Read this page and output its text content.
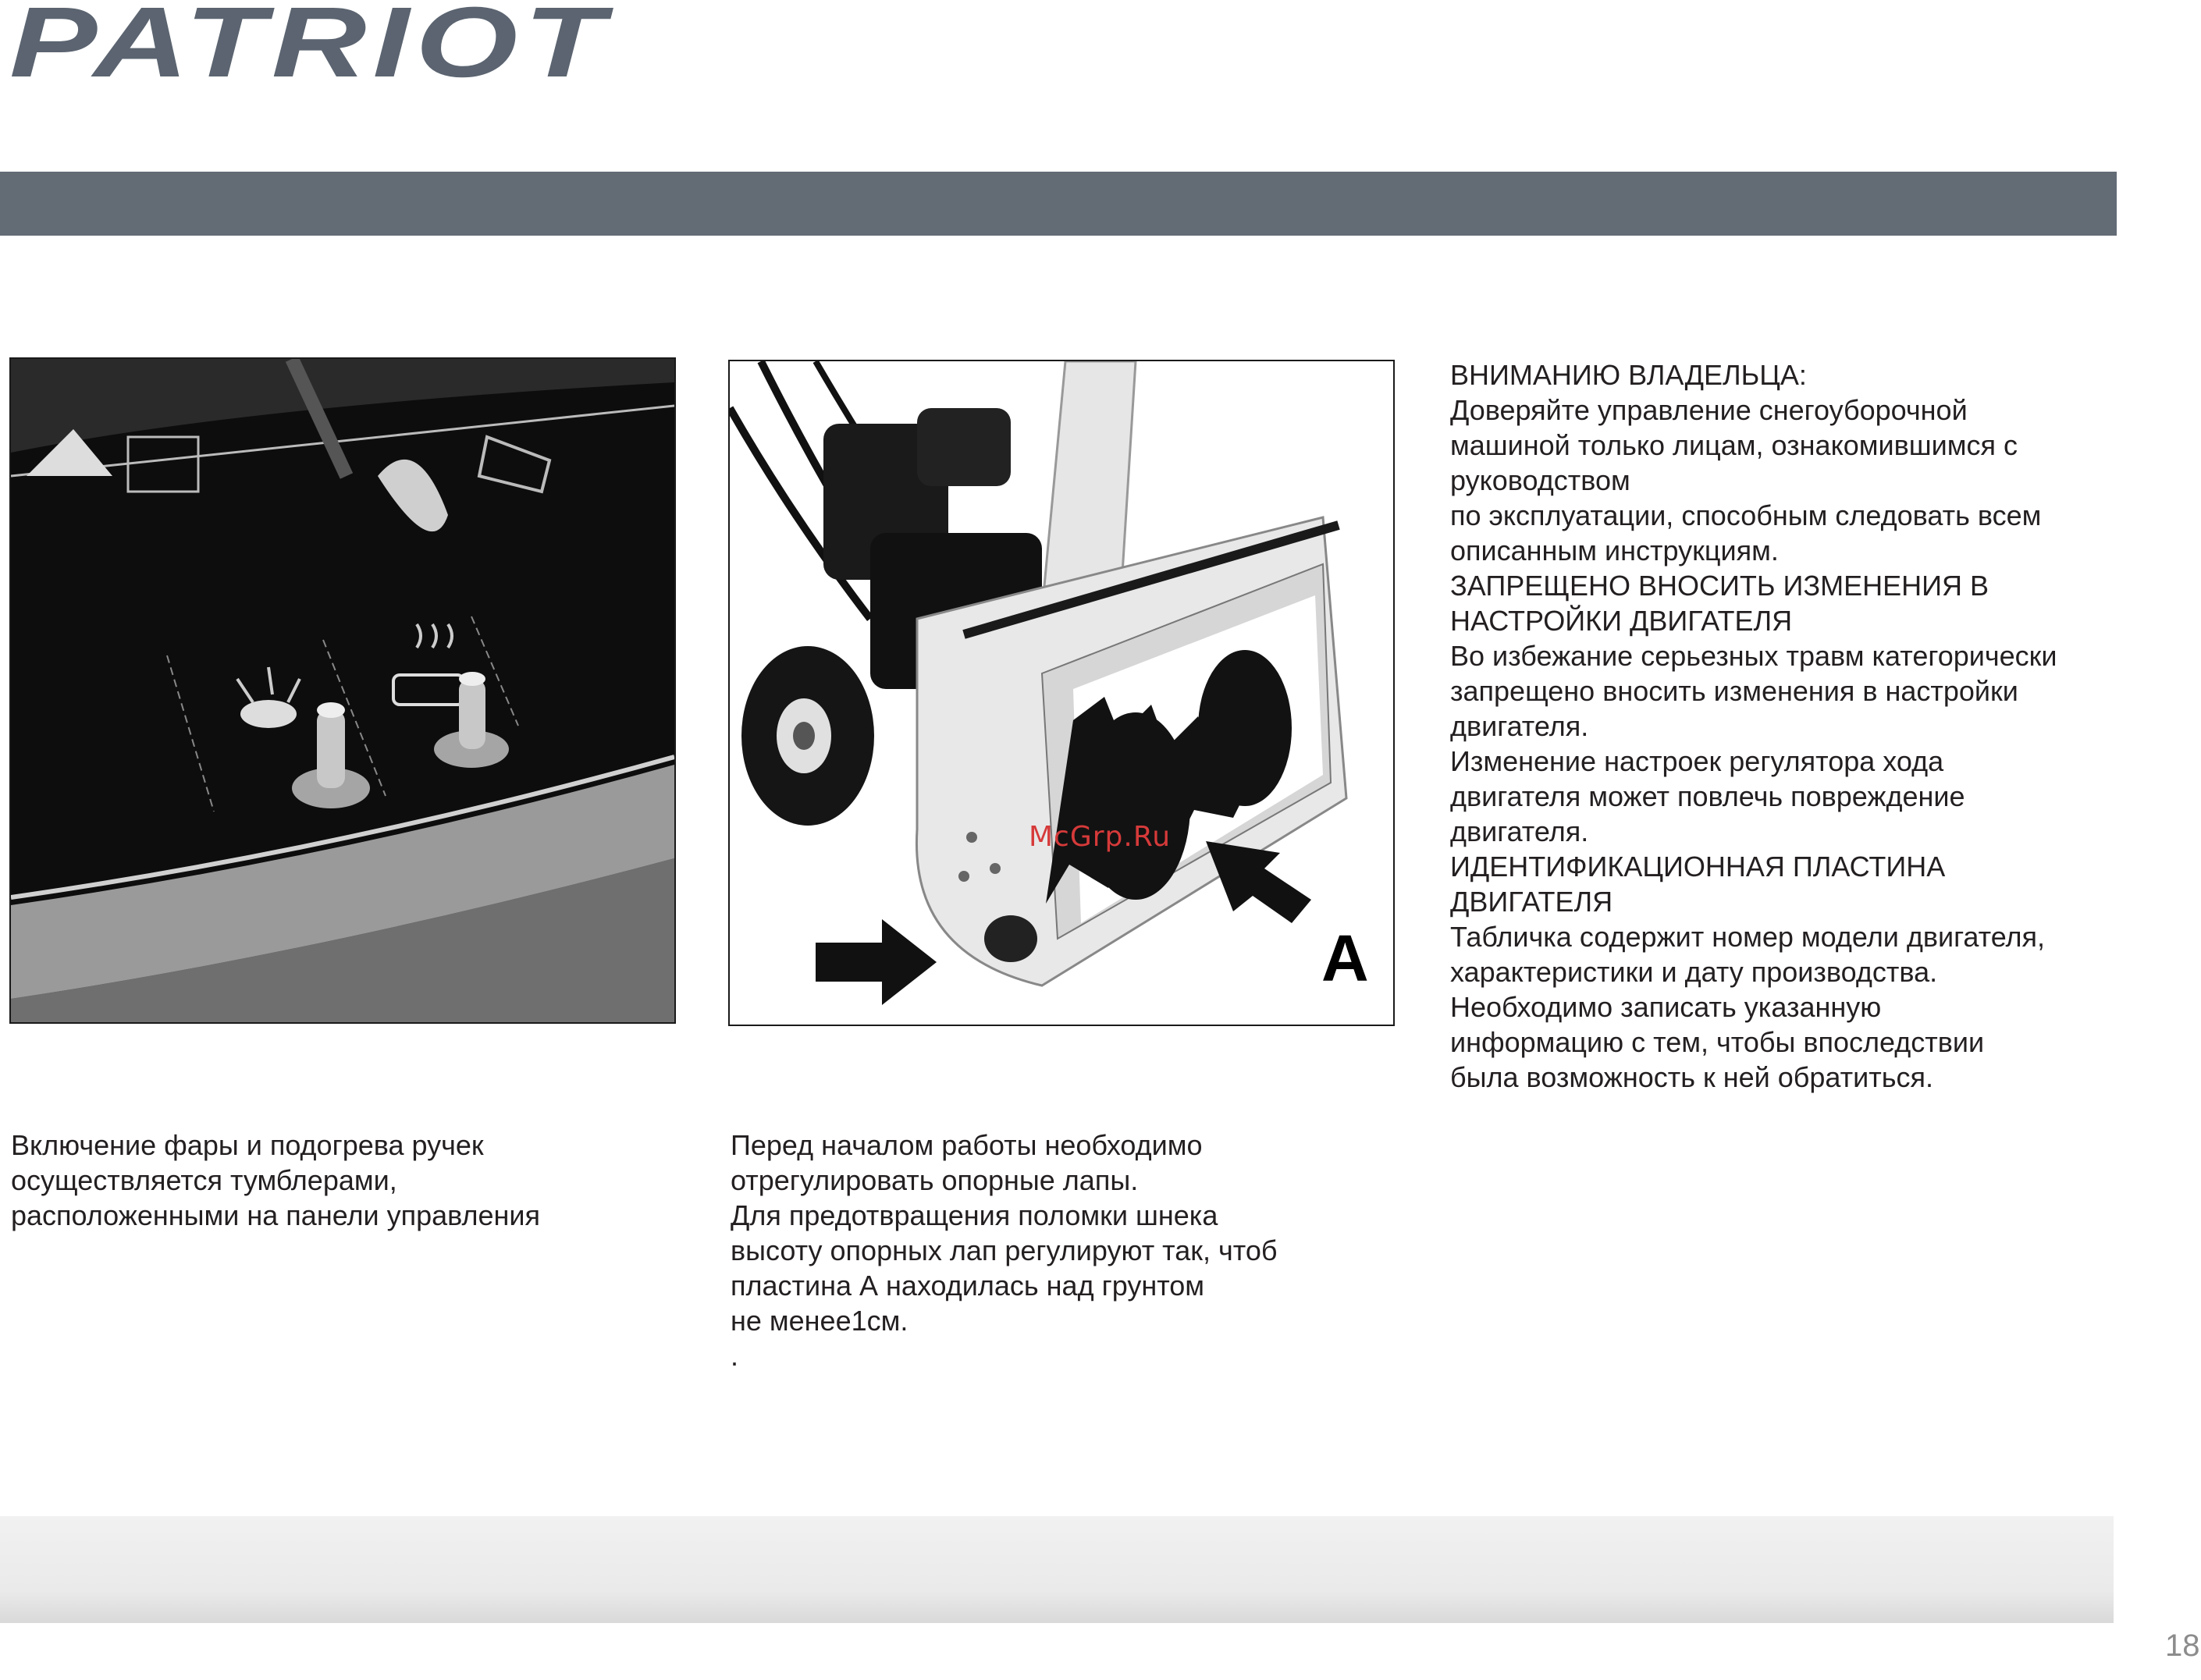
PATRIOT
A
McGrp.Ru

Включение фары и подогрева ручек
осуществляется тумблерами,
расположенными на панели управления

Перед началом работы необходимо
отрегулировать опорные лапы.
Для предотвращения поломки шнека
высоту опорных лап регулируют так, чтоб
пластина А находилась над грунтом
не менее1см.
.

ВНИМАНИЮ ВЛАДЕЛЬЦА:
Доверяйте управление снегоуборочной
машиной только лицам, ознакомившимся с
руководством
по эксплуатации, способным следовать всем
описанным инструкциям.

ЗАПРЕЩЕНО ВНОСИТЬ ИЗМЕНЕНИЯ В
НАСТРОЙКИ ДВИГАТЕЛЯ
Во избежание серьезных травм категорически
запрещено вносить изменения в настройки
двигателя.
Изменение настроек регулятора хода
двигателя может повлечь повреждение
двигателя.

ИДЕНТИФИКАЦИОННАЯ ПЛАСТИНА
ДВИГАТЕЛЯ
Табличка содержит номер модели двигателя,
характеристики и дату производства.
Необходимо записать указанную
информацию с тем, чтобы впоследствии
была возможность к ней обратиться.

18
